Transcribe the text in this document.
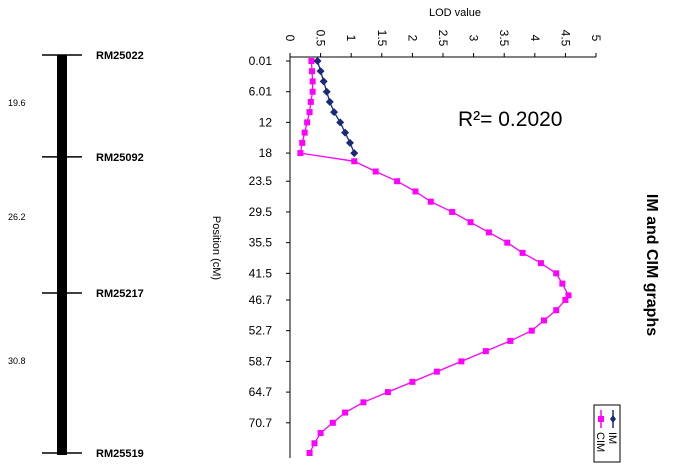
RM25022
RM25092
RM25217
RM25519
19.6
26.2
30.8
0 0.5 1 1.5 2 2.5 3 3.5 4 4.5 5
0.01
6.01
12
18
23.5
29.5
35.5
41.5
46.7
52.7
58.7
64.7
70.7
LOD value
Position (cM)
R²= 0.2020
IM and CIM graphs
IM
CIM
